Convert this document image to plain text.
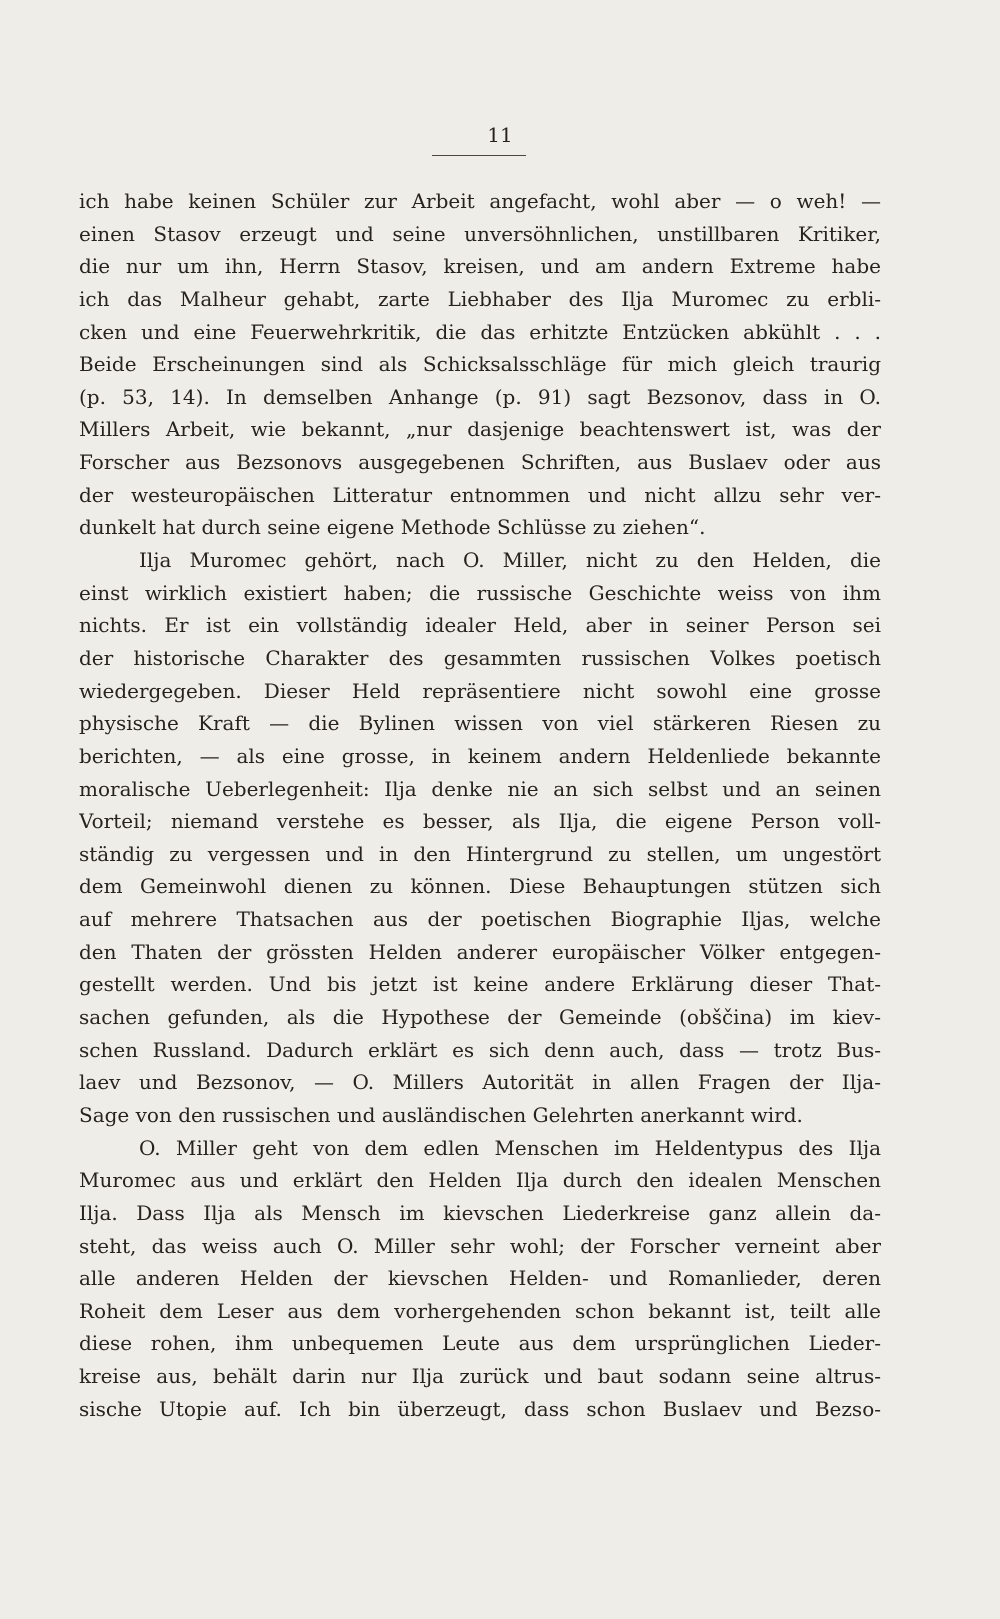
11
ich habe keinen Schüler zur Arbeit angefacht, wohl aber — o weh! —
einen Stasov erzeugt und seine unversöhnlichen, unstillbaren Kritiker,
die nur um ihn, Herrn Stasov, kreisen, und am andern Extreme habe
ich das Malheur gehabt, zarte Liebhaber des Ilja Muromec zu erbli-
cken und eine Feuerwehrkritik, die das erhitzte Entzücken abkühlt . . .
Beide Erscheinungen sind als Schicksalsschläge für mich gleich traurig
(p. 53, 14). In demselben Anhange (p. 91) sagt Bezsonov, dass in O.
Millers Arbeit, wie bekannt, „nur dasjenige beachtenswert ist, was der
Forscher aus Bezsonovs ausgegebenen Schriften, aus Buslaev oder aus
der westeuropäischen Litteratur entnommen und nicht allzu sehr ver-
dunkelt hat durch seine eigene Methode Schlüsse zu ziehen“.
Ilja Muromec gehört, nach O. Miller, nicht zu den Helden, die
einst wirklich existiert haben; die russische Geschichte weiss von ihm
nichts. Er ist ein vollständig idealer Held, aber in seiner Person sei
der historische Charakter des gesammten russischen Volkes poetisch
wiedergegeben. Dieser Held repräsentiere nicht sowohl eine grosse
physische Kraft — die Bylinen wissen von viel stärkeren Riesen zu
berichten, — als eine grosse, in keinem andern Heldenliede bekannte
moralische Ueberlegenheit: Ilja denke nie an sich selbst und an seinen
Vorteil; niemand verstehe es besser, als Ilja, die eigene Person voll-
ständig zu vergessen und in den Hintergrund zu stellen, um ungestört
dem Gemeinwohl dienen zu können. Diese Behauptungen stützen sich
auf mehrere Thatsachen aus der poetischen Biographie Iljas, welche
den Thaten der grössten Helden anderer europäischer Völker entgegen-
gestellt werden. Und bis jetzt ist keine andere Erklärung dieser That-
sachen gefunden, als die Hypothese der Gemeinde (obščina) im kiev-
schen Russland. Dadurch erklärt es sich denn auch, dass — trotz Bus-
laev und Bezsonov, — O. Millers Autorität in allen Fragen der Ilja-
Sage von den russischen und ausländischen Gelehrten anerkannt wird.
O. Miller geht von dem edlen Menschen im Heldentypus des Ilja
Muromec aus und erklärt den Helden Ilja durch den idealen Menschen
Ilja. Dass Ilja als Mensch im kievschen Liederkreise ganz allein da-
steht, das weiss auch O. Miller sehr wohl; der Forscher verneint aber
alle anderen Helden der kievschen Helden- und Romanlieder, deren
Roheit dem Leser aus dem vorhergehenden schon bekannt ist, teilt alle
diese rohen, ihm unbequemen Leute aus dem ursprünglichen Lieder-
kreise aus, behält darin nur Ilja zurück und baut sodann seine altrus-
sische Utopie auf. Ich bin überzeugt, dass schon Buslaev und Bezso-
